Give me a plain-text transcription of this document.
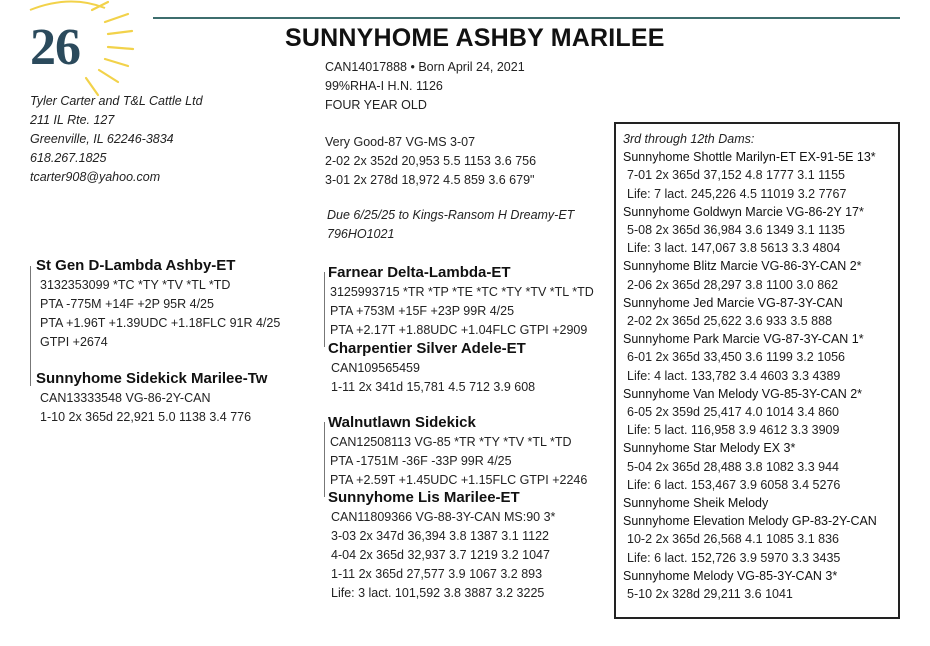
26	SUNNYHOME ASHBY MARILEE
CAN14017888 • Born April 24, 2021
99%RHA-I H.N. 1126
FOUR YEAR OLD
Tyler Carter and T&L Cattle Ltd
211 IL Rte. 127
Greenville, IL 62246-3834
618.267.1825
tcarter908@yahoo.com
Very Good-87 VG-MS 3-07
2-02 2x 352d 20,953 5.5 1153 3.6 756
3-01 2x 278d 18,972 4.5 859 3.6 679"
Due 6/25/25 to Kings-Ransom H Dreamy-ET
796HO1021
St Gen D-Lambda Ashby-ET
3132353099 *TC *TY *TV *TL *TD
PTA -775M +14F +2P 95R 4/25
PTA +1.96T +1.39UDC +1.18FLC 91R 4/25
GTPI +2674
Sunnyhome Sidekick Marilee-Tw
CAN13333548 VG-86-2Y-CAN
1-10 2x 365d 22,921 5.0 1138 3.4 776
Farnear Delta-Lambda-ET
3125993715 *TR *TP *TE *TC *TY *TV *TL *TD
PTA +753M +15F +23P 99R 4/25
PTA +2.17T +1.88UDC +1.04FLC GTPI +2909
Charpentier Silver Adele-ET
CAN109565459
1-11 2x 341d 15,781 4.5 712 3.9 608
Walnutlawn Sidekick
CAN12508113 VG-85 *TR *TY *TV *TL *TD
PTA -1751M -36F -33P 99R 4/25
PTA +2.59T +1.45UDC +1.15FLC GTPI +2246
Sunnyhome Lis Marilee-ET
CAN11809366 VG-88-3Y-CAN MS:90 3*
3-03 2x 347d 36,394 3.8 1387 3.1 1122
4-04 2x 365d 32,937 3.7 1219 3.2 1047
1-11 2x 365d 27,577 3.9 1067 3.2 893
Life: 3 lact. 101,592 3.8 3887 3.2 3225
3rd through 12th Dams:
Sunnyhome Shottle Marilyn-ET EX-91-5E 13*
7-01 2x 365d 37,152 4.8 1777 3.1 1155
Life: 7 lact. 245,226 4.5 11019 3.2 7767
Sunnyhome Goldwyn Marcie VG-86-2Y 17*
5-08 2x 365d 36,984 3.6 1349 3.1 1135
Life: 3 lact. 147,067 3.8 5613 3.3 4804
Sunnyhome Blitz Marcie VG-86-3Y-CAN 2*
2-06 2x 365d 28,297 3.8 1100 3.0 862
Sunnyhome Jed Marcie VG-87-3Y-CAN
2-02 2x 365d 25,622 3.6 933 3.5 888
Sunnyhome Park Marcie VG-87-3Y-CAN 1*
6-01 2x 365d 33,450 3.6 1199 3.2 1056
Life: 4 lact. 133,782 3.4 4603 3.3 4389
Sunnyhome Van Melody VG-85-3Y-CAN 2*
6-05 2x 359d 25,417 4.0 1014 3.4 860
Life: 5 lact. 116,958 3.9 4612 3.3 3909
Sunnyhome Star Melody EX 3*
5-04 2x 365d 28,488 3.8 1082 3.3 944
Life: 6 lact. 153,467 3.9 6058 3.4 5276
Sunnyhome Sheik Melody
Sunnyhome Elevation Melody GP-83-2Y-CAN
10-2 2x 365d 26,568 4.1 1085 3.1 836
Life: 6 lact. 152,726 3.9 5970 3.3 3435
Sunnyhome Melody VG-85-3Y-CAN 3*
5-10 2x 328d 29,211 3.6 1041
